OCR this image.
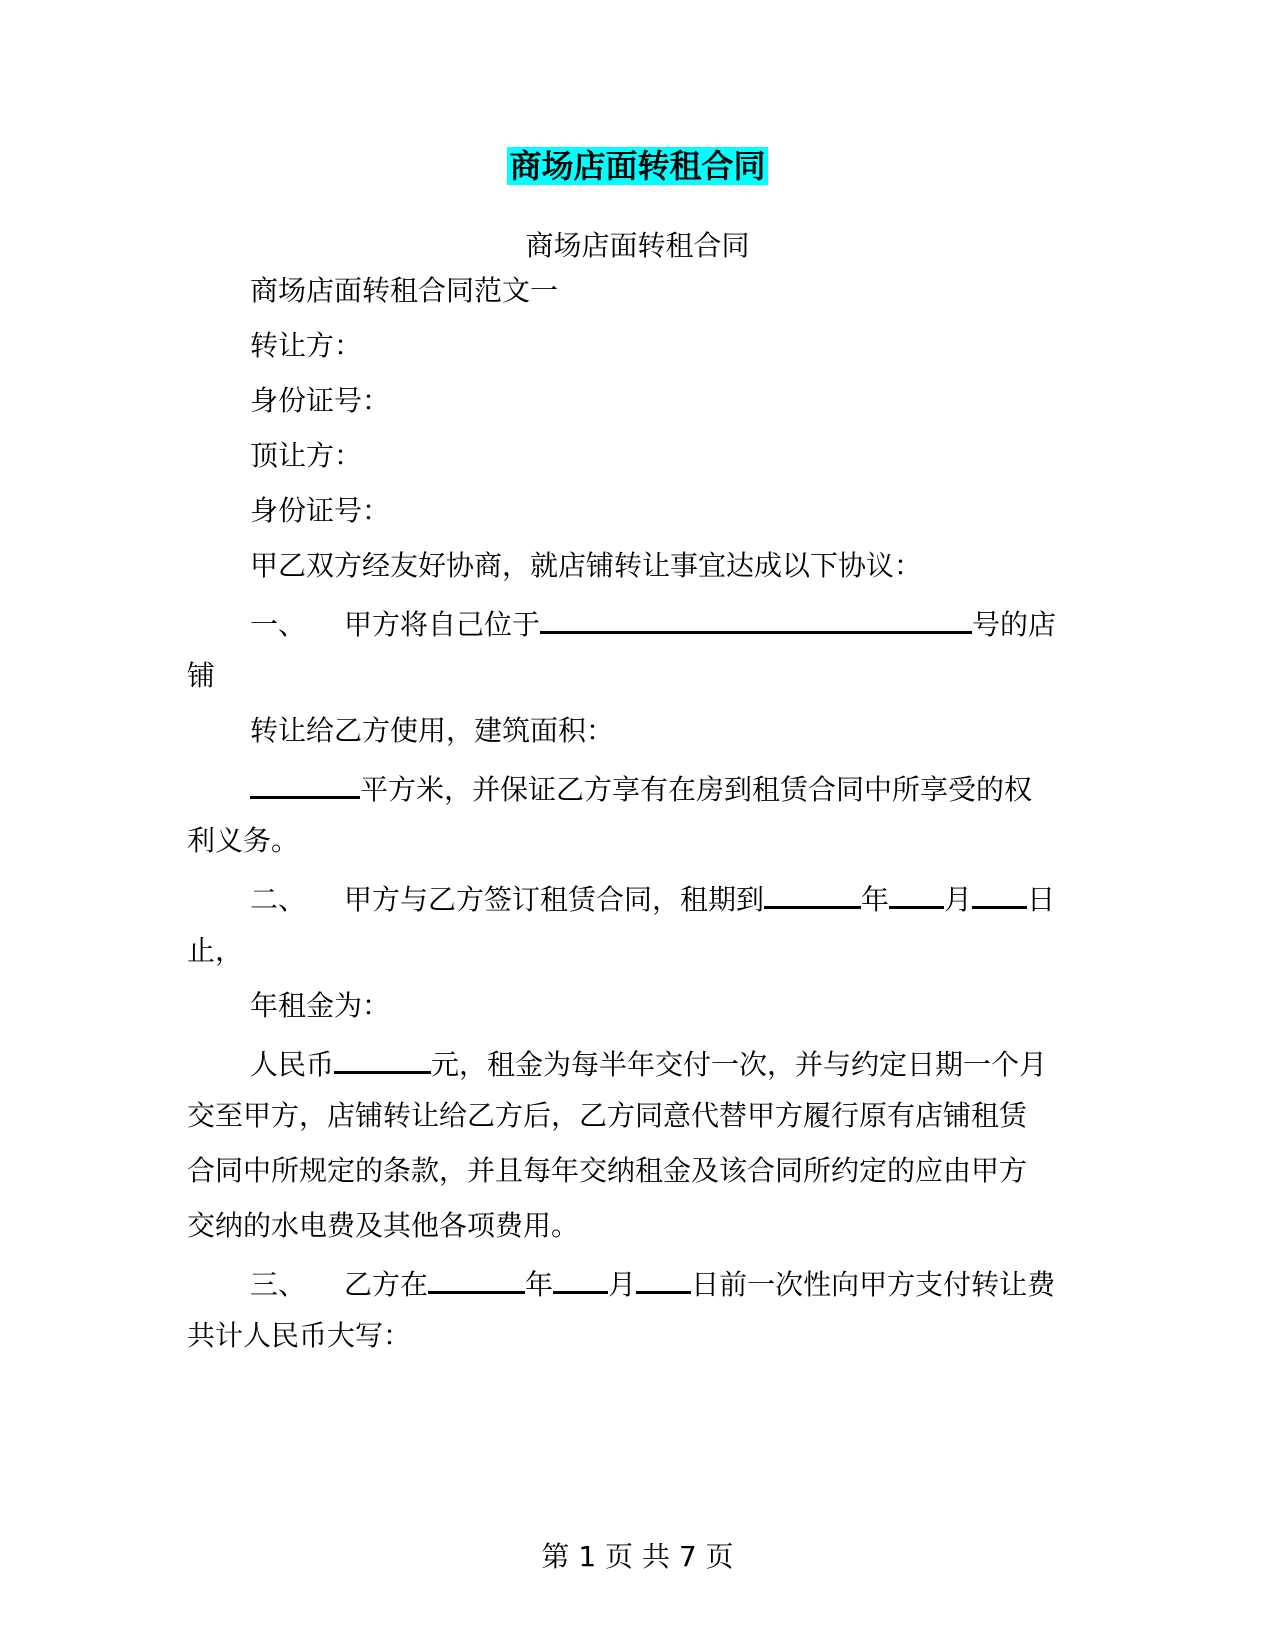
商场店面转租合同
商场店面转租合同
商场店面转租合同范文一
转让方：
身份证号：
顶让方：
身份证号：
甲乙双方经友好协商，就店铺转让事宜达成以下协议：
一、 甲方将自己位于	号的店
铺
转让给乙方使用，建筑面积：
平方米，并保证乙方享有在房到租赁合同中所享受的权
利义务。
二、 甲方与乙方签订租赁合同，租期到	年 月 日
止，
年租金为：
人民币	元，租金为每半年交付一次，并与约定日期一个月
交至甲方，店铺转让给乙方后，乙方同意代替甲方履行原有店铺租赁
合同中所规定的条款，并且每年交纳租金及该合同所约定的应由甲方
交纳的水电费及其他各项费用。
三、 乙方在	年 月 日前一次性向甲方支付转让费
共计人民币大写：
第 1 页 共 7 页
